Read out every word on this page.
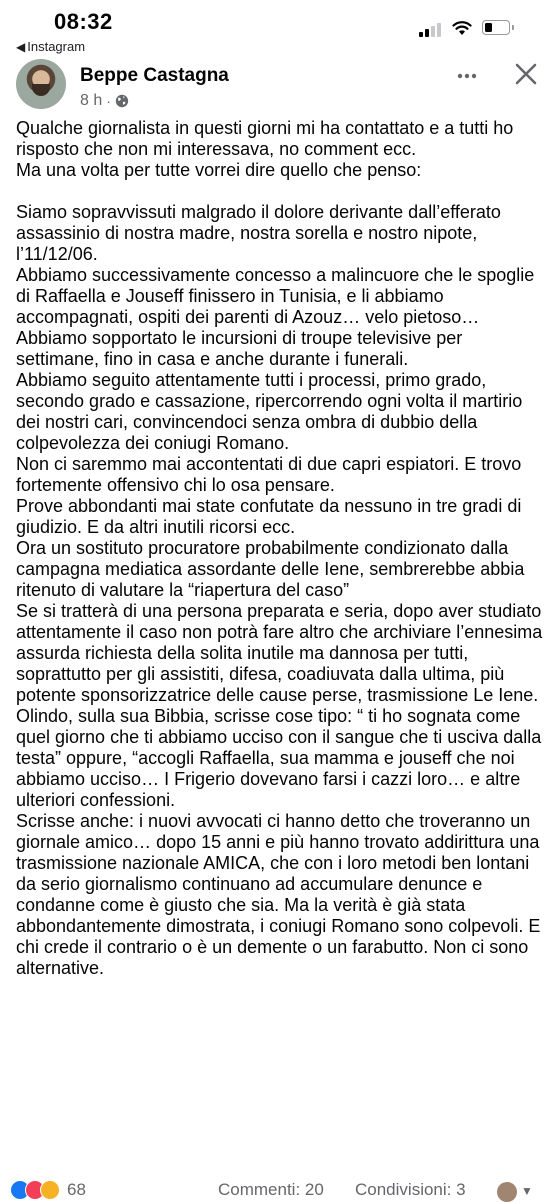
08:32
◀ Instagram
Beppe Castagna
8 h ·
Qualche giornalista in questi giorni mi ha contattato e a tutti ho risposto che non mi interessava, no comment ecc.
Ma una volta per tutte vorrei dire quello che penso:

Siamo sopravvissuti malgrado il dolore derivante dall’efferato assassinio di nostra madre, nostra sorella e nostro nipote, l’11/12/06.
Abbiamo successivamente concesso a malincuore che le spoglie di Raffaella e Jouseff finissero in Tunisia, e li abbiamo accompagnati, ospiti dei parenti di Azouz… velo pietoso…
Abbiamo sopportato le incursioni di troupe televisive per settimane, fino in casa e anche durante i funerali.
Abbiamo seguito attentamente tutti i processi, primo grado, secondo grado e cassazione, ripercorrendo ogni volta il martirio dei nostri cari, convincendoci senza ombra di dubbio della colpevolezza dei coniugi Romano.
Non ci saremmo mai accontentati di due capri espiatori. E trovo fortemente offensivo chi lo osa pensare.
Prove abbondanti mai state confutate da nessuno in tre gradi di giudizio. E da altri inutili ricorsi ecc.
Ora un sostituto procuratore probabilmente condizionato dalla campagna mediatica assordante delle Iene, sembrerebbe abbia ritenuto di valutare la “riapertura del caso”
Se si tratterà di una persona preparata e seria, dopo aver studiato attentamente il caso non potrà fare altro che archiviare l’ennesima assurda richiesta della solita inutile ma dannosa per tutti, soprattutto per gli assistiti, difesa, coadiuvata dalla ultima, più potente sponsorizzatrice delle cause perse, trasmissione Le Iene.
Olindo, sulla sua Bibbia, scrisse cose tipo: “ ti ho sognata come quel giorno che ti abbiamo ucciso con il sangue che ti usciva dalla testa” oppure, “accogli Raffaella, sua mamma e jouseff che noi abbiamo ucciso… I Frigerio dovevano farsi i cazzi loro… e altre ulteriori confessioni.
Scrisse anche: i nuovi avvocati ci hanno detto che troveranno un giornale amico… dopo 15 anni e più hanno trovato addirittura una trasmissione nazionale AMICA, che con i loro metodi ben lontani da serio giornalismo continuano ad accumulare denunce e condanne come è giusto che sia. Ma la verità è già stata abbondantemente dimostrata, i coniugi Romano sono colpevoli. E chi crede il contrario o è un demente o un farabutto. Non ci sono alternative.
68	Commenti: 20 Condivisioni: 3	▼
